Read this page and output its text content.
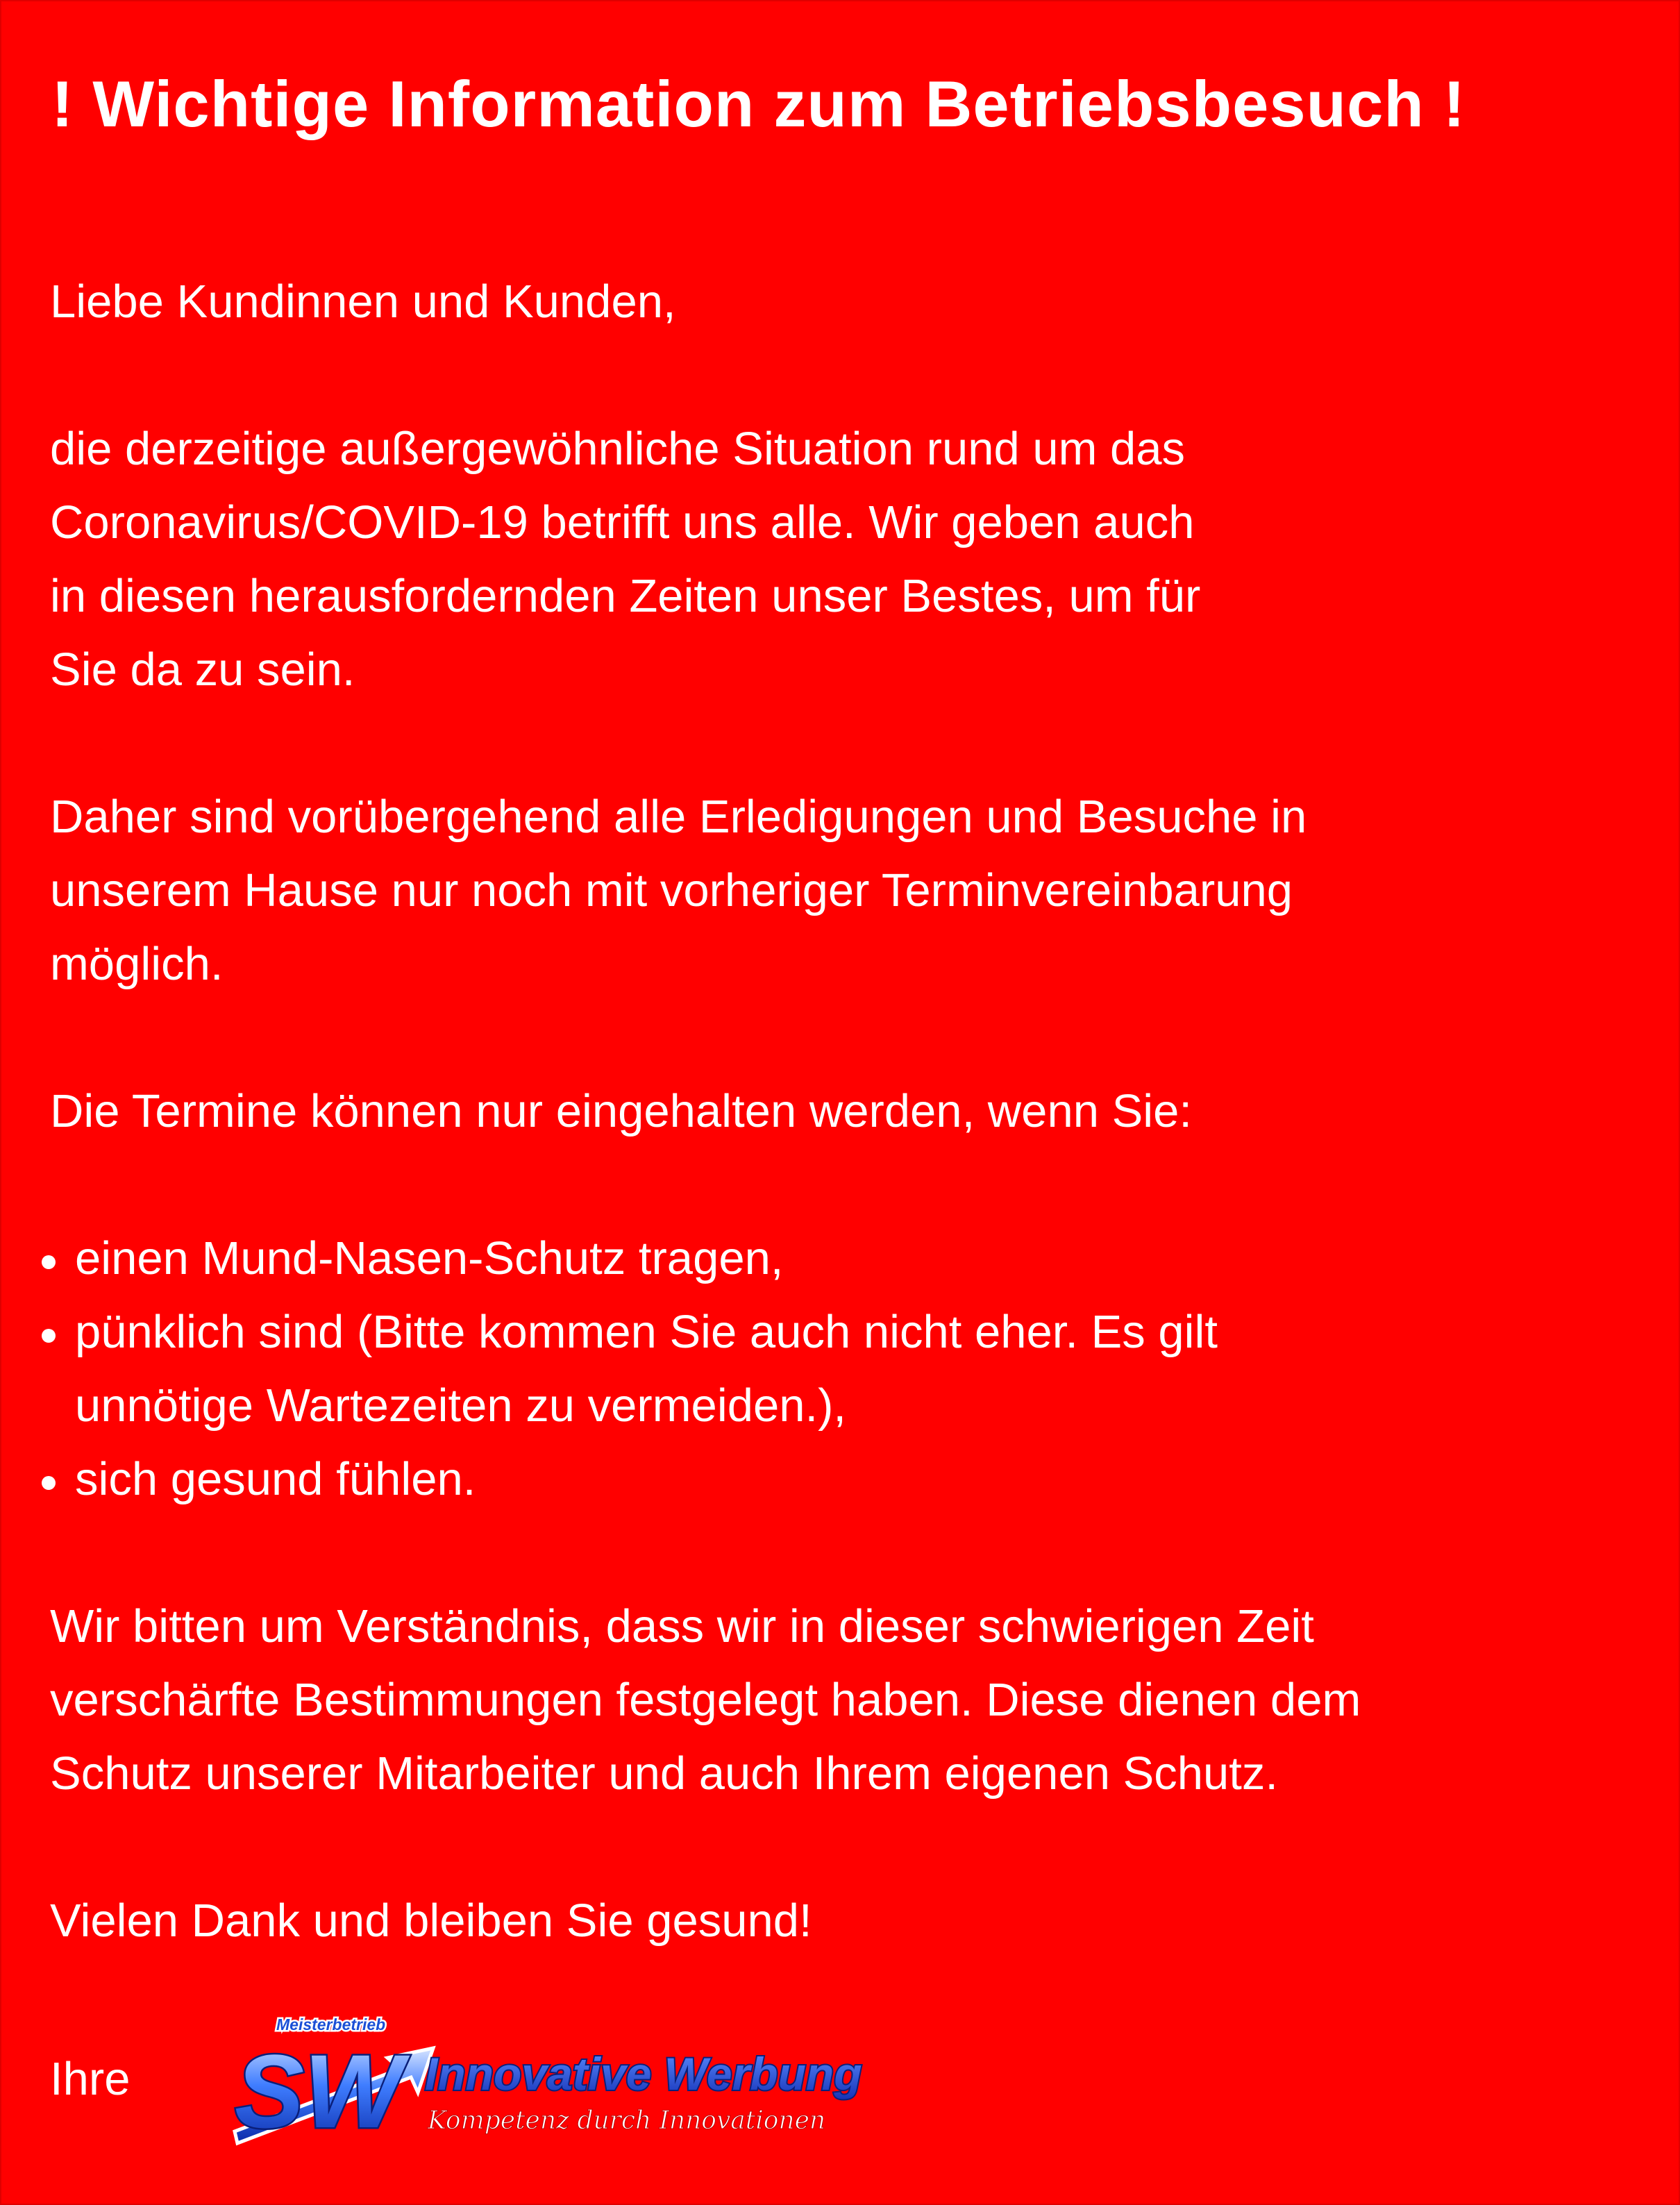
! Wichtige Information zum Betriebsbesuch !

Liebe Kundinnen und Kunden,

die derzeitige außergewöhnliche Situation rund um das

Coronavirus/COVID-19 betrifft uns alle. Wir geben auch

in diesen herausfordernden Zeiten unser Bestes, um für

Sie da zu sein.

Daher sind vorübergehend alle Erledigungen und Besuche in

unserem Hause nur noch mit vorheriger Terminvereinbarung

möglich.

Die Termine können nur eingehalten werden, wenn Sie:

einen Mund-Nasen-Schutz tragen,
pünklich sind (Bitte kommen Sie auch nicht eher. Es gilt
unnötige Wartezeiten zu vermeiden.),
sich gesund fühlen.

Wir bitten um Verständnis, dass wir in dieser schwierigen Zeit

verschärfte Bestimmungen festgelegt haben. Diese dienen dem

Schutz unserer Mitarbeiter und auch Ihrem eigenen Schutz.

Vielen Dank und bleiben Sie gesund!

Ihre SW
Meisterbetrieb
Innovative Werbung
Kompetenz durch Innovationen
